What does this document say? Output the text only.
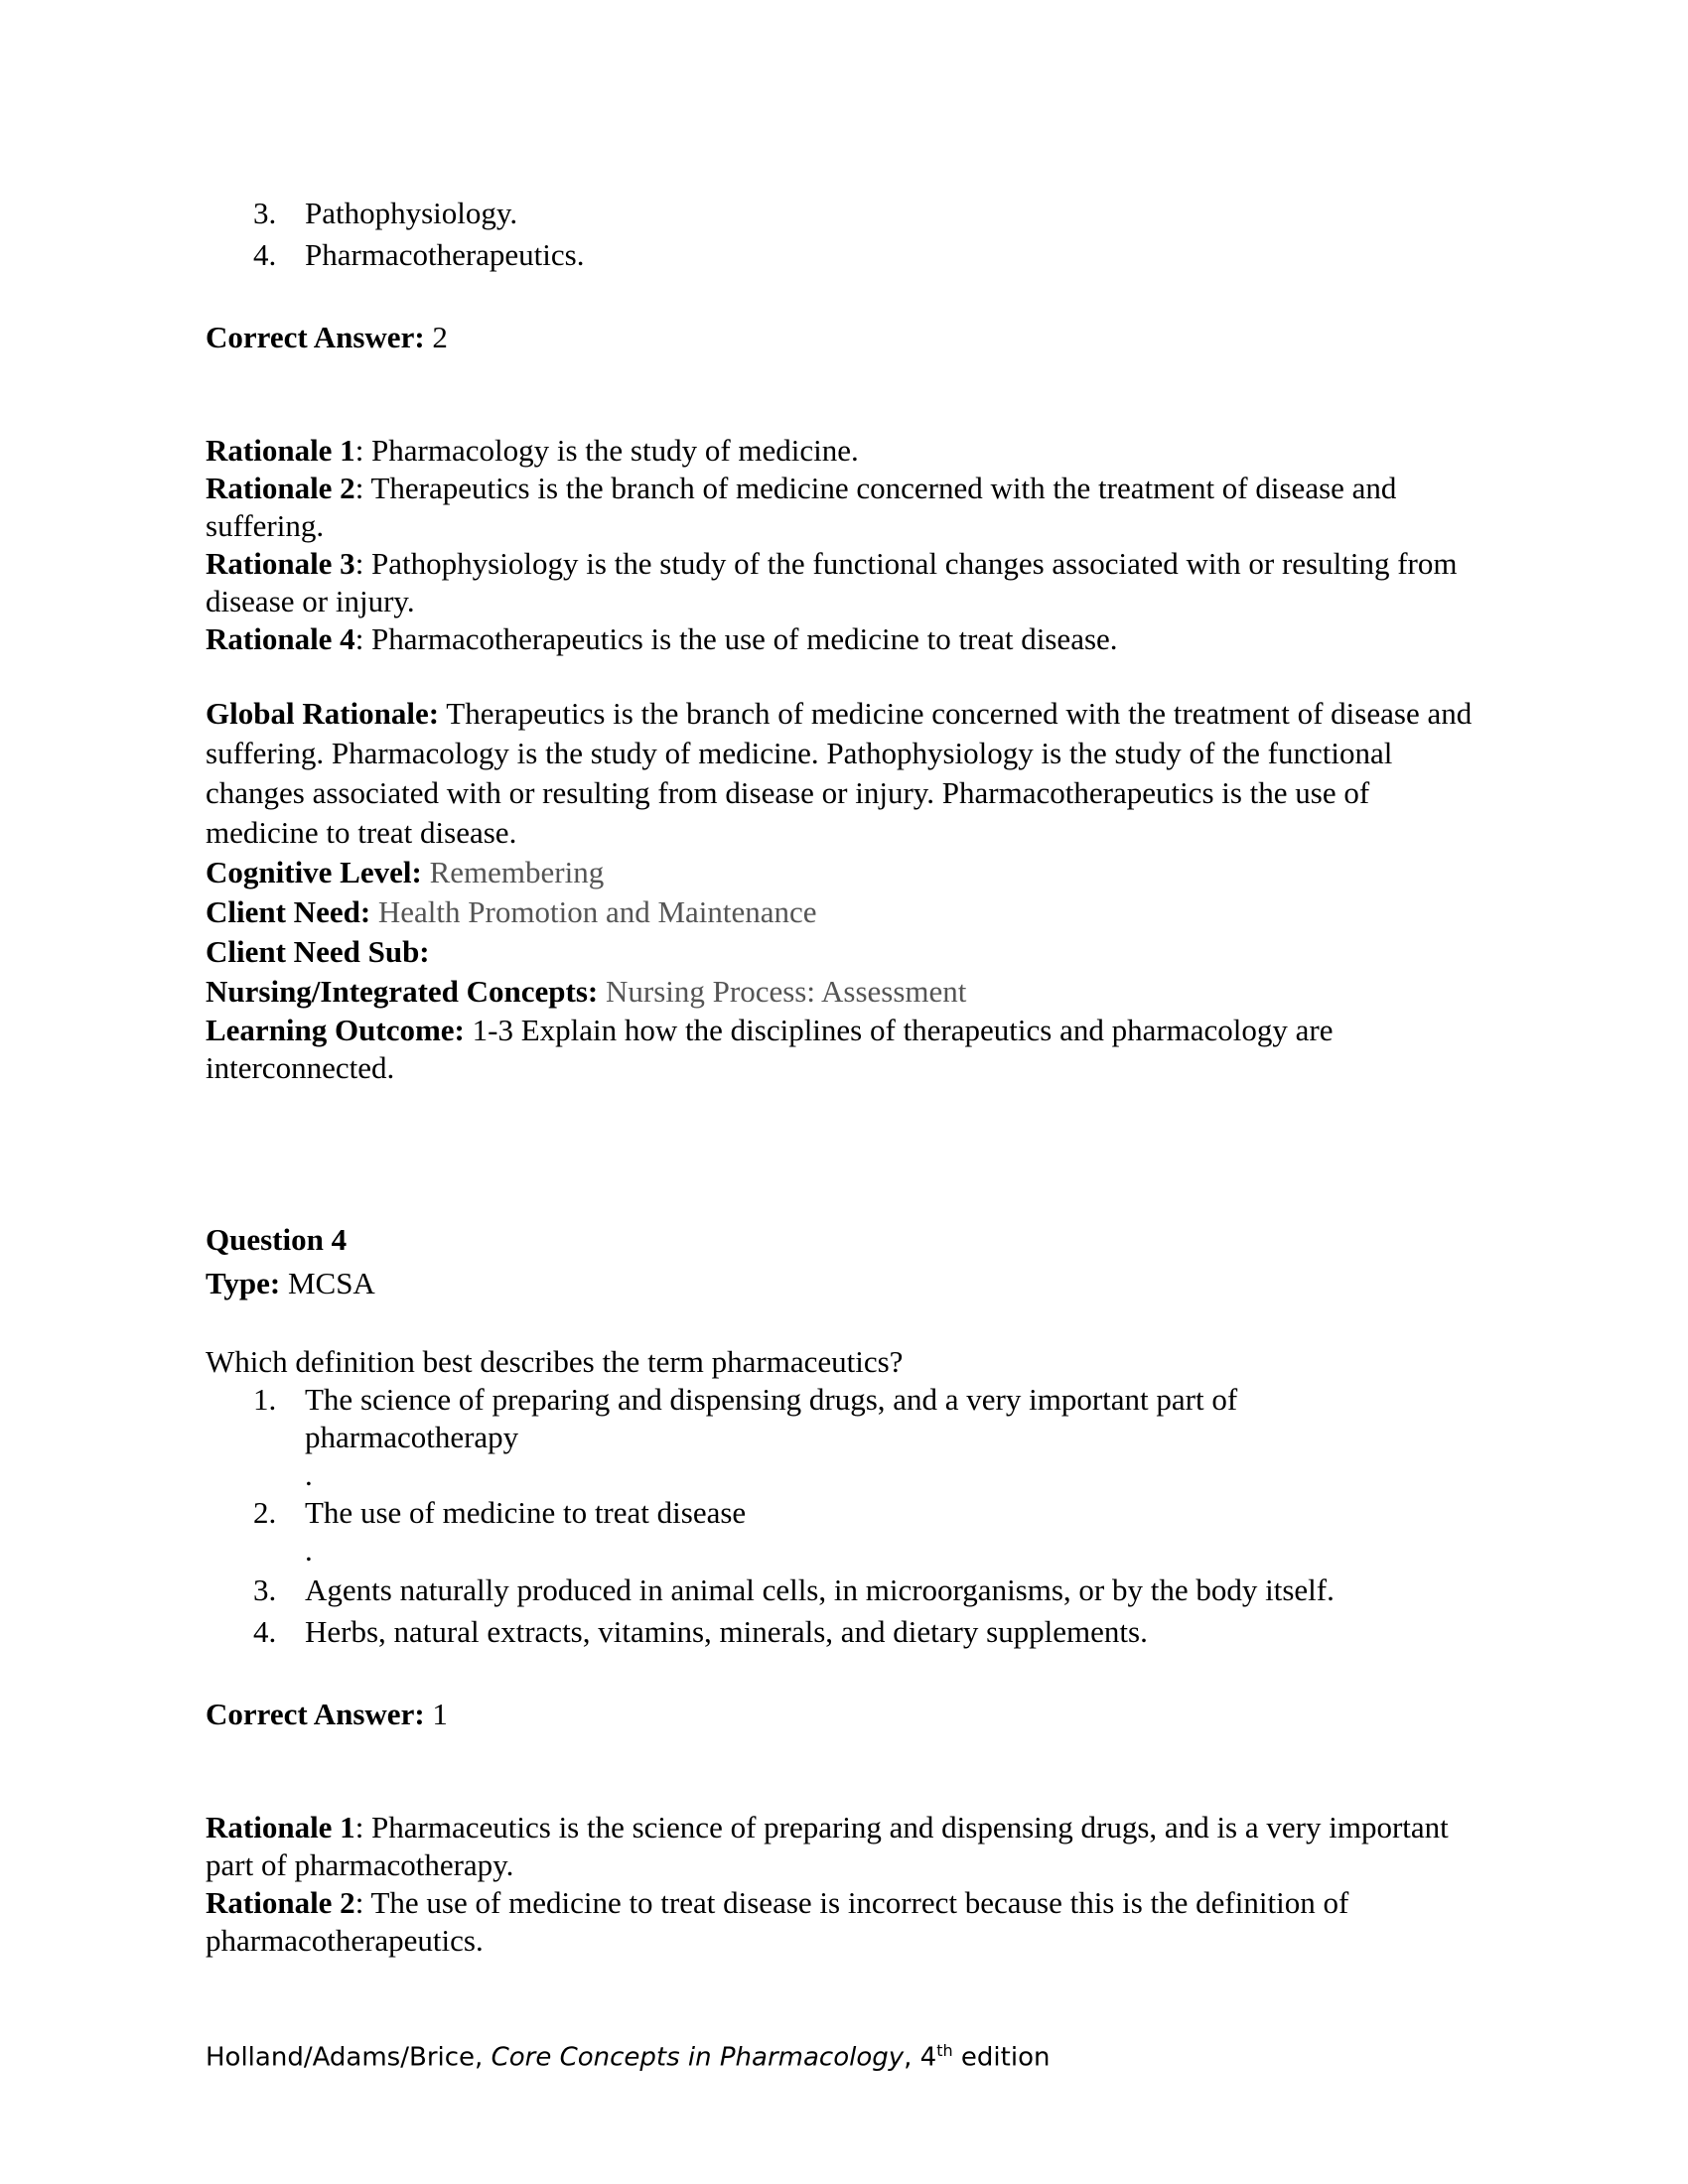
3. Pathophysiology.
4. Pharmacotherapeutics.
Correct Answer: 2
Rationale 1: Pharmacology is the study of medicine.
Rationale 2: Therapeutics is the branch of medicine concerned with the treatment of disease and suffering.
Rationale 3: Pathophysiology is the study of the functional changes associated with or resulting from disease or injury.
Rationale 4: Pharmacotherapeutics is the use of medicine to treat disease.
Global Rationale: Therapeutics is the branch of medicine concerned with the treatment of disease and suffering. Pharmacology is the study of medicine. Pathophysiology is the study of the functional changes associated with or resulting from disease or injury. Pharmacotherapeutics is the use of medicine to treat disease.
Cognitive Level: Remembering
Client Need: Health Promotion and Maintenance
Client Need Sub:
Nursing/Integrated Concepts: Nursing Process: Assessment
Learning Outcome: 1-3 Explain how the disciplines of therapeutics and pharmacology are interconnected.
Question 4
Type: MCSA
Which definition best describes the term pharmaceutics?
1. The science of preparing and dispensing drugs, and a very important part of pharmacotherapy
.
2. The use of medicine to treat disease
.
3. Agents naturally produced in animal cells, in microorganisms, or by the body itself.
4. Herbs, natural extracts, vitamins, minerals, and dietary supplements.
Correct Answer: 1
Rationale 1: Pharmaceutics is the science of preparing and dispensing drugs, and is a very important part of pharmacotherapy.
Rationale 2: The use of medicine to treat disease is incorrect because this is the definition of pharmacotherapeutics.
Holland/Adams/Brice, Core Concepts in Pharmacology, 4th edition
